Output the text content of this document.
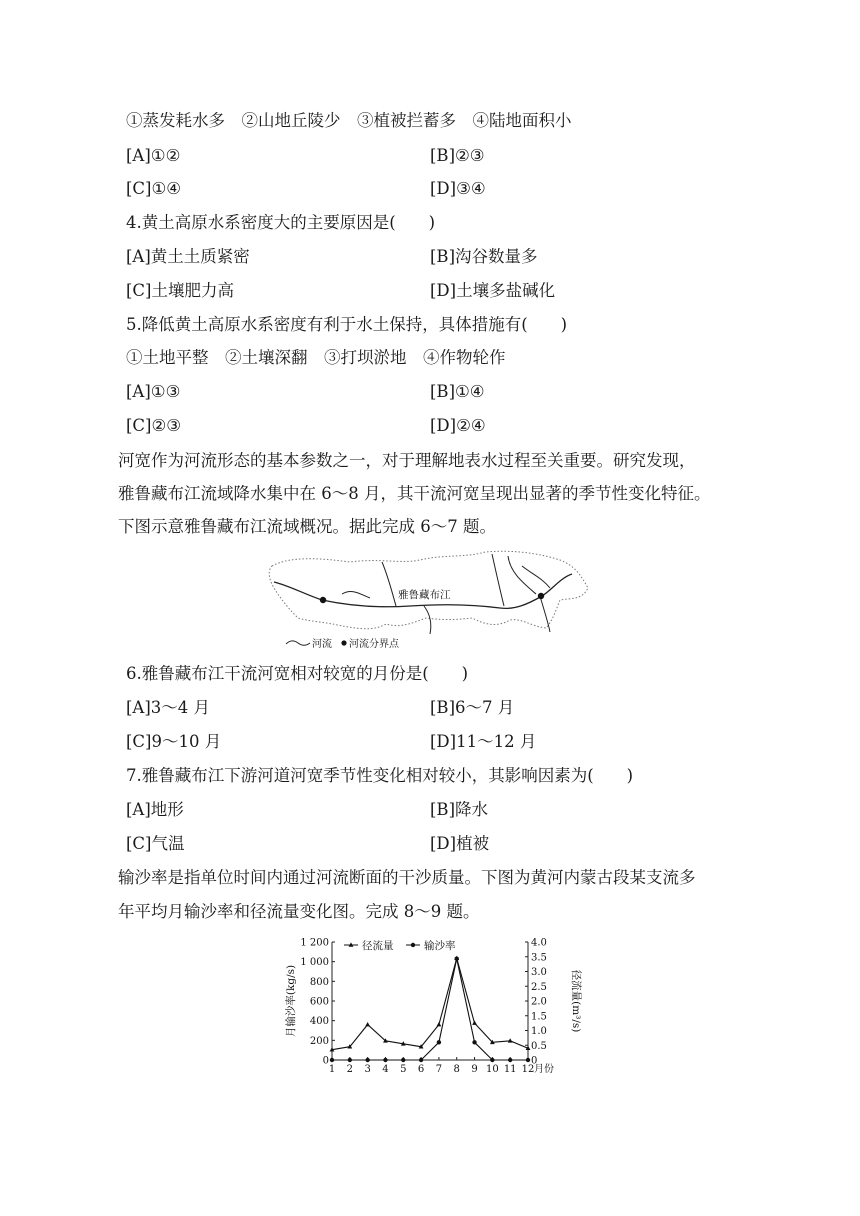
①蒸发耗水多　②山地丘陵少　③植被拦蓄多　④陆地面积小
[A]①②	[B]②③
[C]①④	[D]③④
4.黄土高原水系密度大的主要原因是(　　)
[A]黄土土质紧密	[B]沟谷数量多
[C]土壤肥力高	[D]土壤多盐碱化
5.降低黄土高原水系密度有利于水土保持，具体措施有(　　)
①土地平整　②土壤深翻　③打坝淤地　④作物轮作
[A]①③	[B]①④
[C]②③	[D]②④
河宽作为河流形态的基本参数之一，对于理解地表水过程至关重要。研究发现，
雅鲁藏布江流域降水集中在 6～8 月，其干流河宽呈现出显著的季节性变化特征。
下图示意雅鲁藏布江流域概况。据此完成 6～7 题。
雅鲁藏布江
河流 河流分界点
6.雅鲁藏布江干流河宽相对较宽的月份是(　　)
[A]3～4 月	[B]6～7 月
[C]9～10 月	[D]11～12 月
7.雅鲁藏布江下游河道河宽季节性变化相对较小，其影响因素为(　　)
[A]地形	[B]降水
[C]气温	[D]植被
输沙率是指单位时间内通过河流断面的干沙质量。下图为黄河内蒙古段某支流多
年平均月输沙率和径流量变化图。完成 8～9 题。
0
200
400
600
800
1 000
1 200
0
0.5
1.0
1.5
2.0
2.5
3.0
3.5
4.0
1 2 3 4 5 6 7 8 9 10 11 12 月份
月输沙率(kg/s)	径流量(m³/s)
径流量	输沙率
